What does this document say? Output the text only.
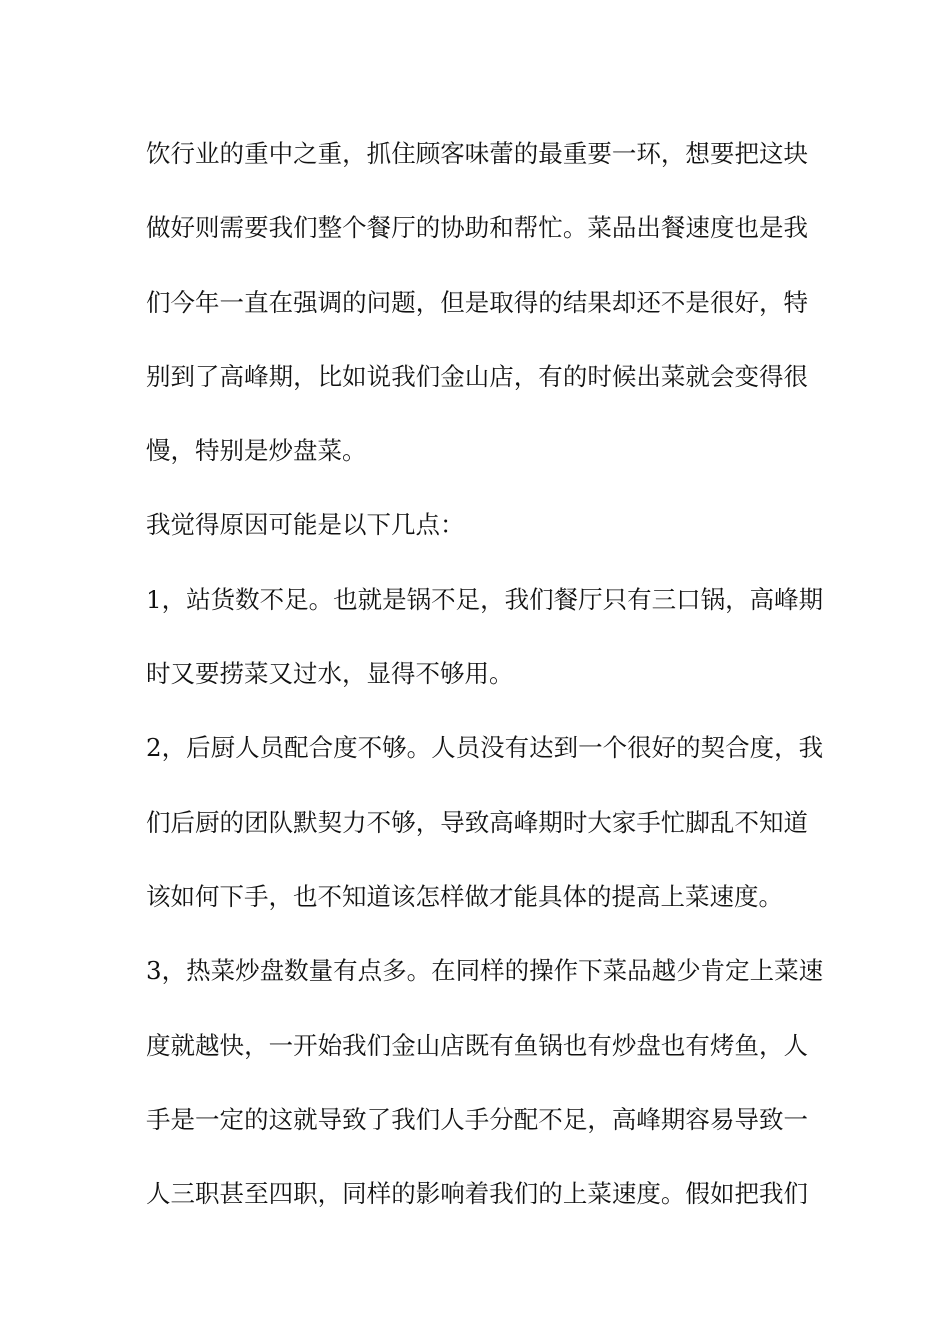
饮行业的重中之重，抓住顾客味蕾的最重要一环，想要把这块
做好则需要我们整个餐厅的协助和帮忙。菜品出餐速度也是我
们今年一直在强调的问题，但是取得的结果却还不是很好，特
别到了高峰期，比如说我们金山店，有的时候出菜就会变得很
慢，特别是炒盘菜。
我觉得原因可能是以下几点：
1，站货数不足。也就是锅不足，我们餐厅只有三口锅，高峰期
时又要捞菜又过水，显得不够用。
2，后厨人员配合度不够。人员没有达到一个很好的契合度，我
们后厨的团队默契力不够，导致高峰期时大家手忙脚乱不知道
该如何下手，也不知道该怎样做才能具体的提高上菜速度。
3，热菜炒盘数量有点多。在同样的操作下菜品越少肯定上菜速
度就越快，一开始我们金山店既有鱼锅也有炒盘也有烤鱼，人
手是一定的这就导致了我们人手分配不足，高峰期容易导致一
人三职甚至四职，同样的影响着我们的上菜速度。假如把我们
